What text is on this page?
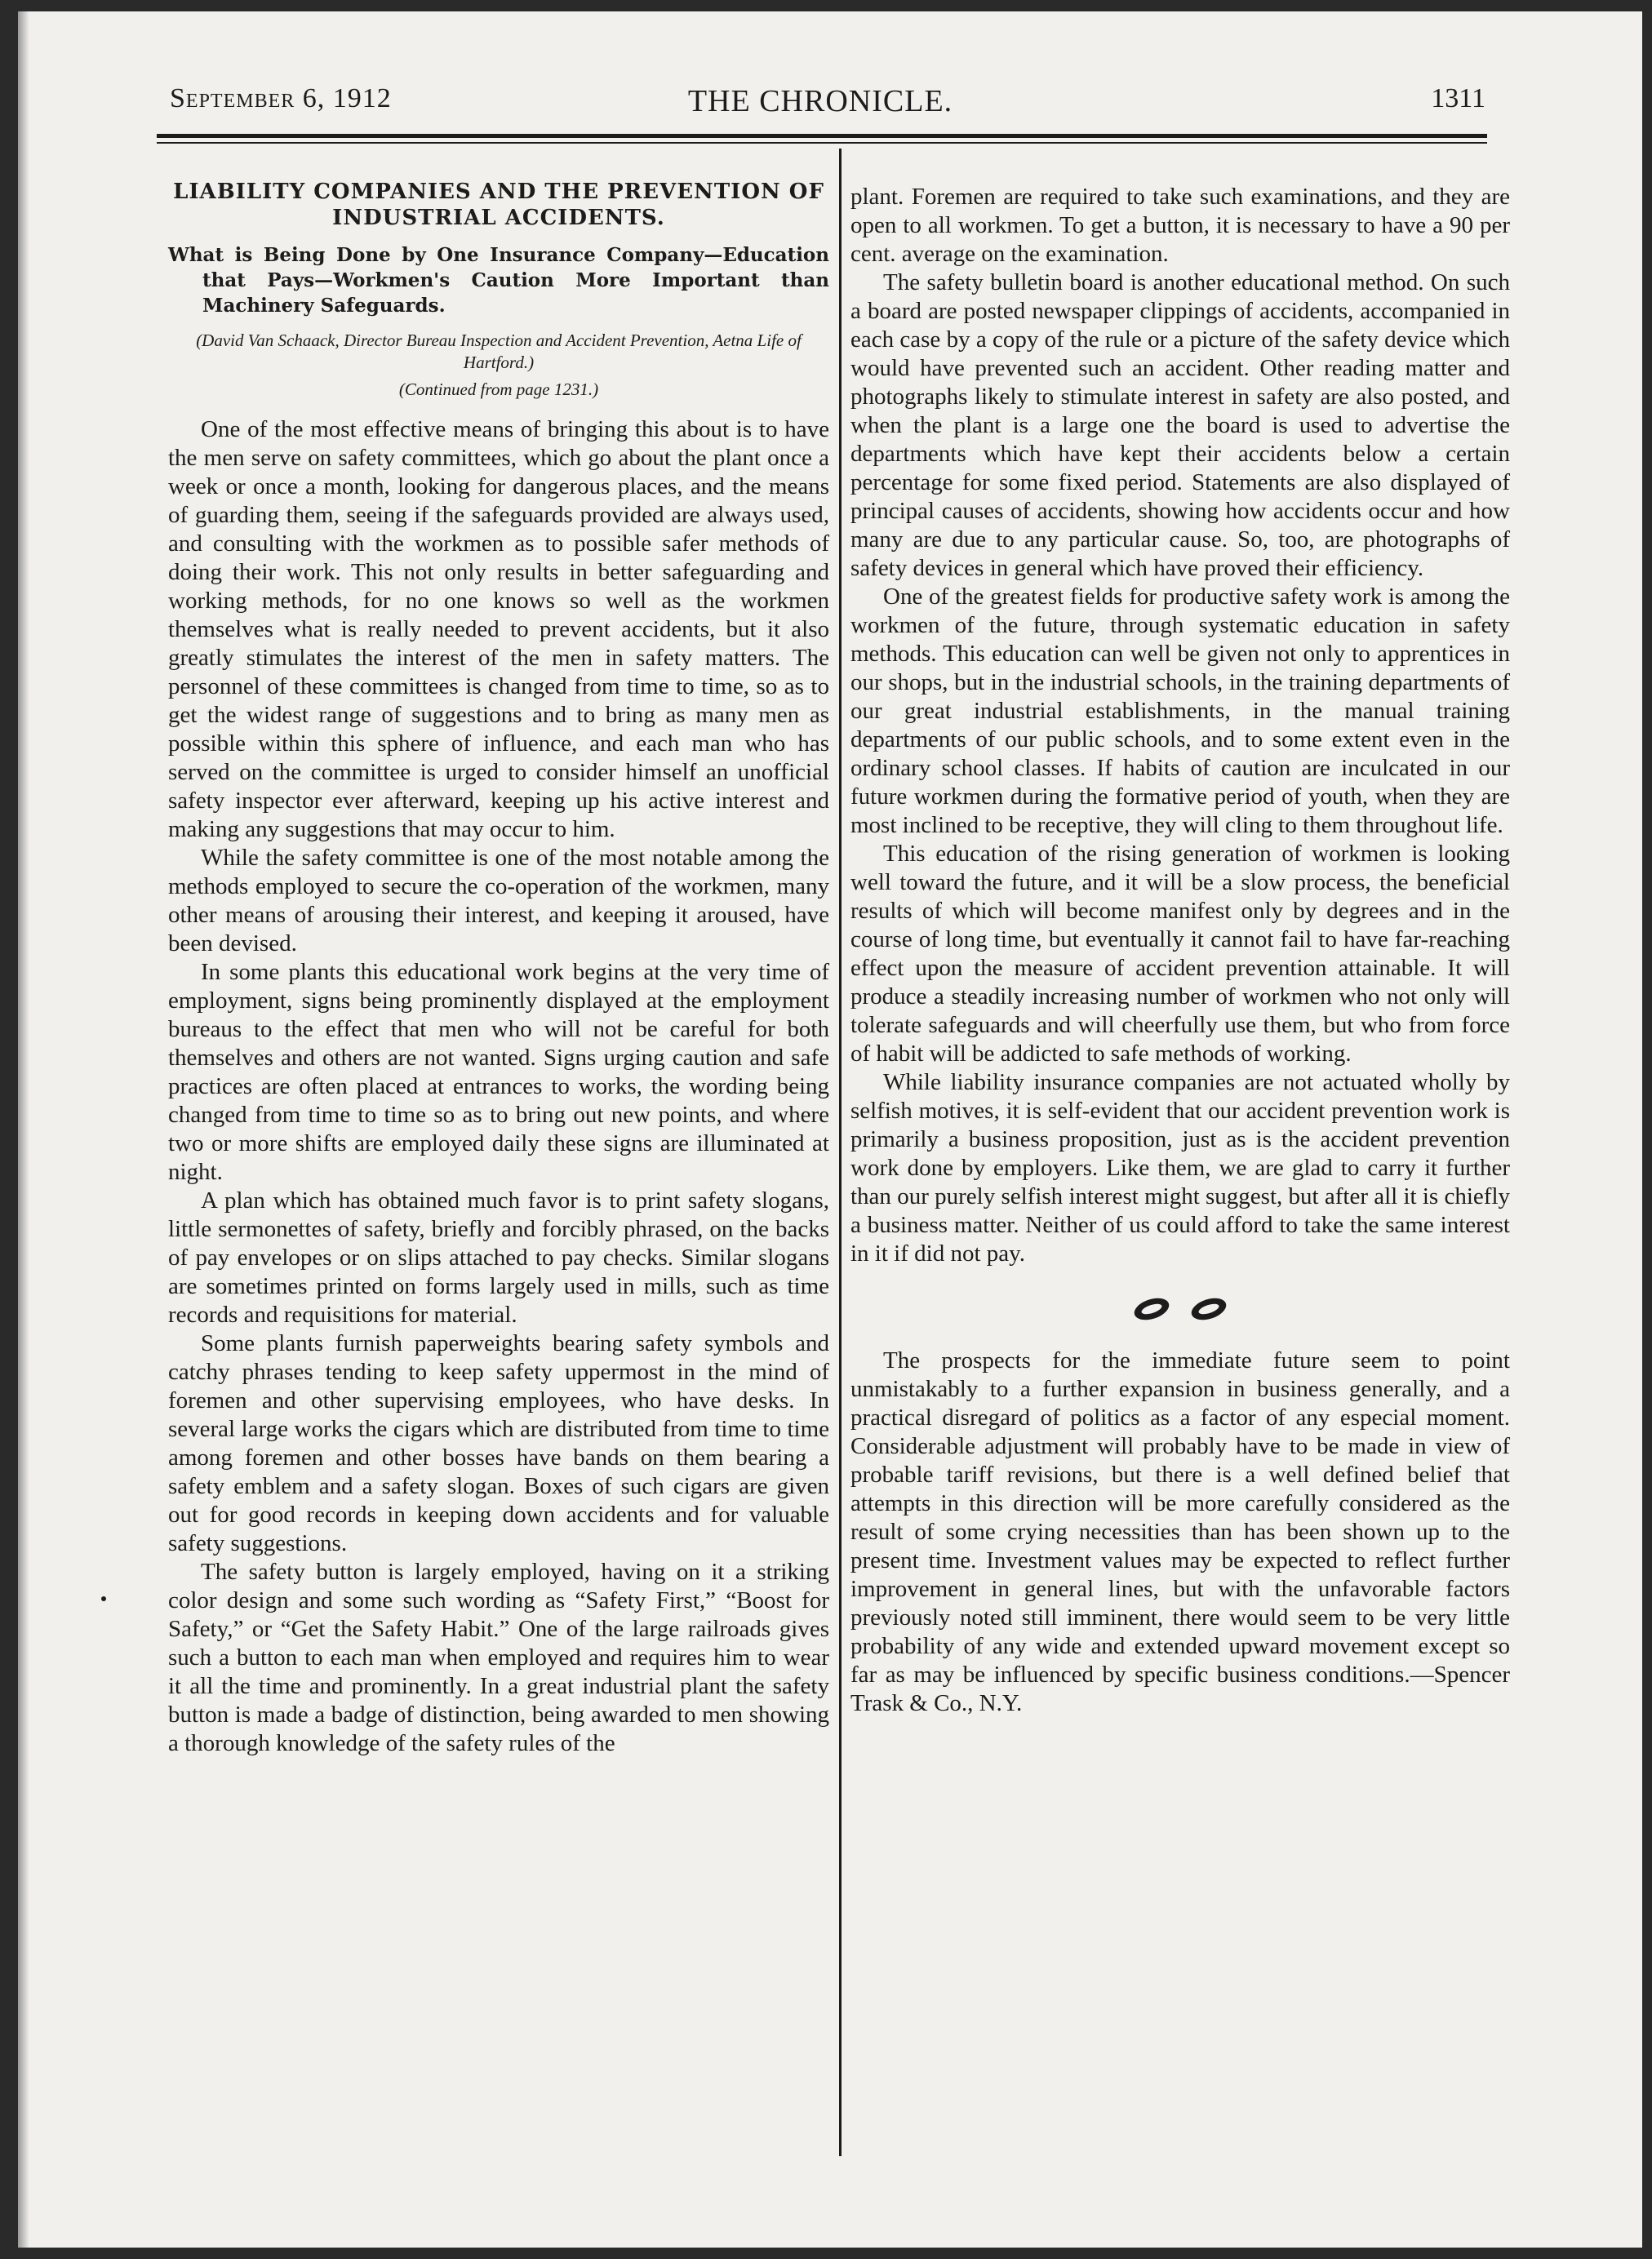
September 6, 1912	THE CHRONICLE.	1311
LIABILITY COMPANIES AND THE PREVENTION OF INDUSTRIAL ACCIDENTS.
What is Being Done by One Insurance Company—Education that Pays—Workmen's Caution More Important than Machinery Safeguards.
(David Van Schaack, Director Bureau Inspection and Accident Prevention, Aetna Life of Hartford.)
(Continued from page 1231.)

One of the most effective means of bringing this about is to have the men serve on safety committees, which go about the plant once a week or once a month, looking for dangerous places, and the means of guarding them, seeing if the safeguards provided are always used, and consulting with the workmen as to possible safer methods of doing their work. This not only results in better safeguarding and working methods, for no one knows so well as the workmen themselves what is really needed to prevent accidents, but it also greatly stimulates the interest of the men in safety matters. The personnel of these committees is changed from time to time, so as to get the widest range of suggestions and to bring as many men as possible within this sphere of influence, and each man who has served on the committee is urged to consider himself an unofficial safety inspector ever afterward, keeping up his active interest and making any suggestions that may occur to him.

While the safety committee is one of the most notable among the methods employed to secure the co-operation of the workmen, many other means of arousing their interest, and keeping it aroused, have been devised.

In some plants this educational work begins at the very time of employment, signs being prominently displayed at the employment bureaus to the effect that men who will not be careful for both themselves and others are not wanted. Signs urging caution and safe practices are often placed at entrances to works, the wording being changed from time to time so as to bring out new points, and where two or more shifts are employed daily these signs are illuminated at night.

A plan which has obtained much favor is to print safety slogans, little sermonettes of safety, briefly and forcibly phrased, on the backs of pay envelopes or on slips attached to pay checks. Similar slogans are sometimes printed on forms largely used in mills, such as time records and requisitions for material.

Some plants furnish paperweights bearing safety symbols and catchy phrases tending to keep safety uppermost in the mind of foremen and other supervising employees, who have desks. In several large works the cigars which are distributed from time to time among foremen and other bosses have bands on them bearing a safety emblem and a safety slogan. Boxes of such cigars are given out for good records in keeping down accidents and for valuable safety suggestions.

The safety button is largely employed, having on it a striking color design and some such wording as “Safety First,” “Boost for Safety,” or “Get the Safety Habit.” One of the large railroads gives such a button to each man when employed and requires him to wear it all the time and prominently. In a great industrial plant the safety button is made a badge of distinction, being awarded to men showing a thorough knowledge of the safety rules of the

plant. Foremen are required to take such examinations, and they are open to all workmen. To get a button, it is necessary to have a 90 per cent. average on the examination.

The safety bulletin board is another educational method. On such a board are posted newspaper clippings of accidents, accompanied in each case by a copy of the rule or a picture of the safety device which would have prevented such an accident. Other reading matter and photographs likely to stimulate interest in safety are also posted, and when the plant is a large one the board is used to advertise the departments which have kept their accidents below a certain percentage for some fixed period. Statements are also displayed of principal causes of accidents, showing how accidents occur and how many are due to any particular cause. So, too, are photographs of safety devices in general which have proved their efficiency.

One of the greatest fields for productive safety work is among the workmen of the future, through systematic education in safety methods. This education can well be given not only to apprentices in our shops, but in the industrial schools, in the training departments of our great industrial establishments, in the manual training departments of our public schools, and to some extent even in the ordinary school classes. If habits of caution are inculcated in our future workmen during the formative period of youth, when they are most inclined to be receptive, they will cling to them throughout life.

This education of the rising generation of workmen is looking well toward the future, and it will be a slow process, the beneficial results of which will become manifest only by degrees and in the course of long time, but eventually it cannot fail to have far-reaching effect upon the measure of accident prevention attainable. It will produce a steadily increasing number of workmen who not only will tolerate safeguards and will cheerfully use them, but who from force of habit will be addicted to safe methods of working.

While liability insurance companies are not actuated wholly by selfish motives, it is self-evident that our accident prevention work is primarily a business proposition, just as is the accident prevention work done by employers. Like them, we are glad to carry it further than our purely selfish interest might suggest, but after all it is chiefly a business matter. Neither of us could afford to take the same interest in it if did not pay.

The prospects for the immediate future seem to point unmistakably to a further expansion in business generally, and a practical disregard of politics as a factor of any especial moment. Considerable adjustment will probably have to be made in view of probable tariff revisions, but there is a well defined belief that attempts in this direction will be more carefully considered as the result of some crying necessities than has been shown up to the present time. Investment values may be expected to reflect further improvement in general lines, but with the unfavorable factors previously noted still imminent, there would seem to be very little probability of any wide and extended upward movement except so far as may be influenced by specific business conditions.—Spencer Trask & Co., N.Y.
